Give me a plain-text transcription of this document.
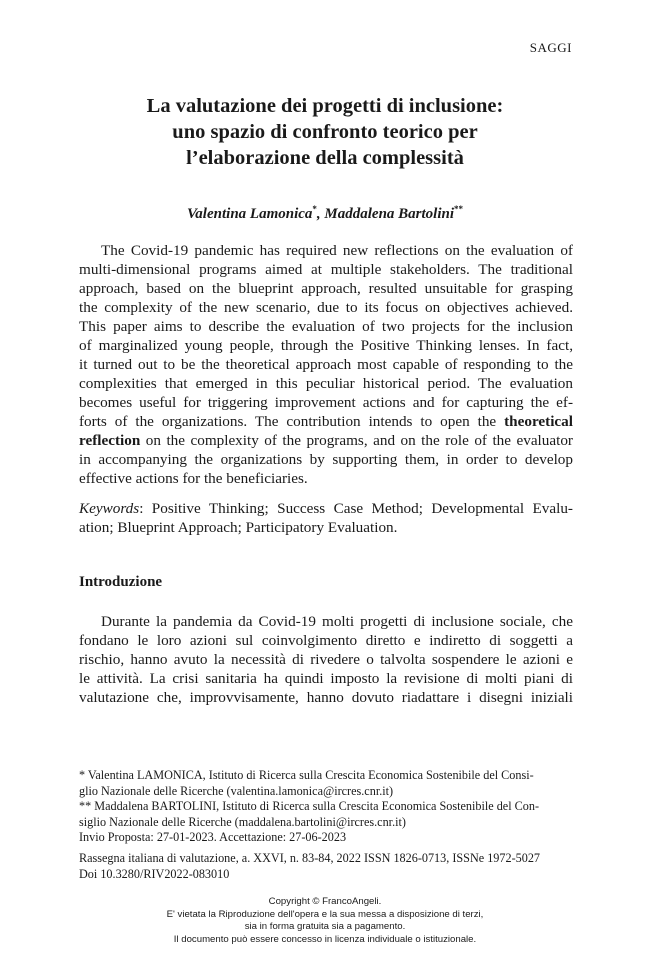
SAGGI
La valutazione dei progetti di inclusione:
uno spazio di confronto teorico per
l’elaborazione della complessità
Valentina Lamonica*, Maddalena Bartolini**
The Covid-19 pandemic has required new reflections on the evaluation of
multi-dimensional programs aimed at multiple stakeholders. The traditional
approach, based on the blueprint approach, resulted unsuitable for grasping
the complexity of the new scenario, due to its focus on objectives achieved.
This paper aims to describe the evaluation of two projects for the inclusion
of marginalized young people, through the Positive Thinking lenses. In fact,
it turned out to be the theoretical approach most capable of responding to the
complexities that emerged in this peculiar historical period. The evaluation
becomes useful for triggering improvement actions and for capturing the ef-
forts of the organizations. The contribution intends to open the theoretical
reflection on the complexity of the programs, and on the role of the evaluator
in accompanying the organizations by supporting them, in order to develop
effective actions for the beneficiaries.
Keywords: Positive Thinking; Success Case Method; Developmental Evalu-
ation; Blueprint Approach; Participatory Evaluation.
Introduzione
Durante la pandemia da Covid-19 molti progetti di inclusione sociale, che
fondano le loro azioni sul coinvolgimento diretto e indiretto di soggetti a
rischio, hanno avuto la necessità di rivedere o talvolta sospendere le azioni e
le attività. La crisi sanitaria ha quindi imposto la revisione di molti piani di
valutazione che, improvvisamente, hanno dovuto riadattare i disegni iniziali
* Valentina LAMONICA, Istituto di Ricerca sulla Crescita Economica Sostenibile del Consi-
glio Nazionale delle Ricerche (valentina.lamonica@ircres.cnr.it)
** Maddalena BARTOLINI, Istituto di Ricerca sulla Crescita Economica Sostenibile del Con-
siglio Nazionale delle Ricerche (maddalena.bartolini@ircres.cnr.it)
Invio Proposta: 27-01-2023. Accettazione: 27-06-2023
Rassegna italiana di valutazione, a. XXVI, n. 83-84, 2022 ISSN 1826-0713, ISSNe 1972-5027
Doi 10.3280/RIV2022-083010
Copyright © FrancoAngeli.
E' vietata la Riproduzione dell'opera e la sua messa a disposizione di terzi,
sia in forma gratuita sia a pagamento.
Il documento può essere concesso in licenza individuale o istituzionale.
